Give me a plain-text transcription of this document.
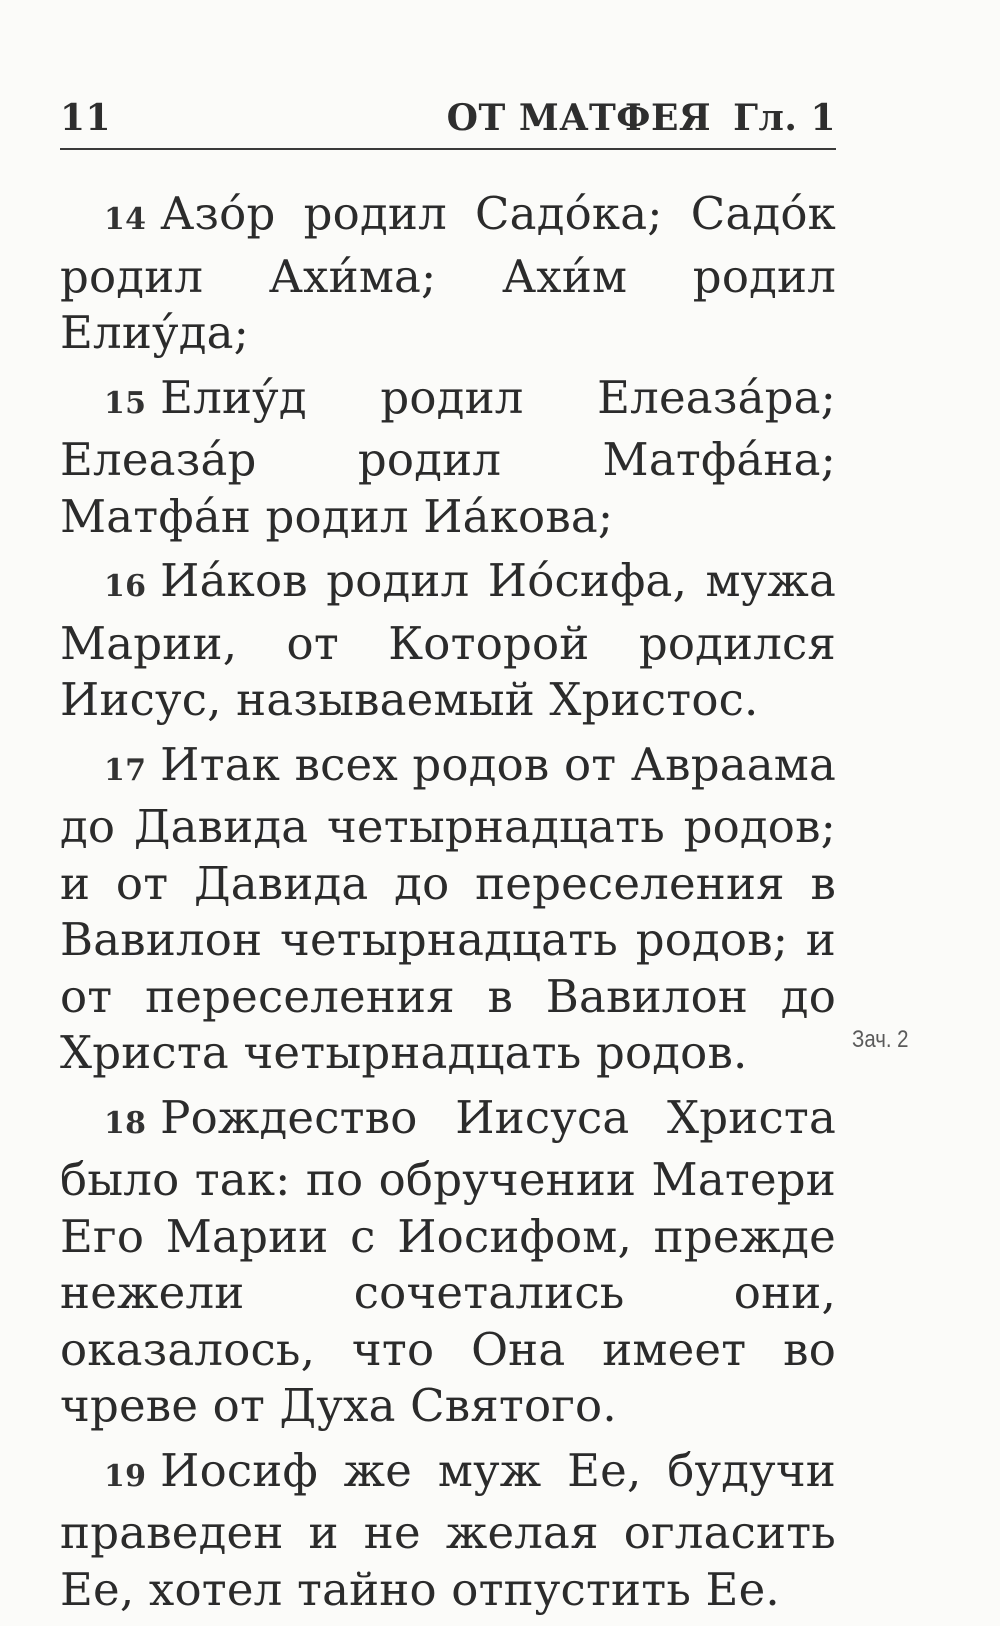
11	ОТ МАТФЕЯ Гл. 1

14 Азо́р родил Садо́ка; Садо́к родил Ахи́ма; Ахи́м родил Елиу́да;

15 Елиу́д родил Елеаза́ра; Елеаза́р родил Матфа́на; Матфа́н родил Иа́кова;

16 Иа́ков родил Ио́сифа, мужа Марии, от Которой родился Иисус, называемый Христос.

17 Итак всех родов от Авраама до Давида четырнадцать родов; и от Давида до переселения в Вавилон четырнадцать родов; и от переселения в Вавилон до Христа четырнадцать родов.

18 Рождество Иисуса Христа было так: по обручении Матери Его Марии с Иосифом, прежде нежели сочетались они, оказалось, что Она имеет во чреве от Духа Святого.

19 Иосиф же муж Ее, будучи праведен и не желая огласить Ее, хотел тайно отпустить Ее.

Зач. 2
